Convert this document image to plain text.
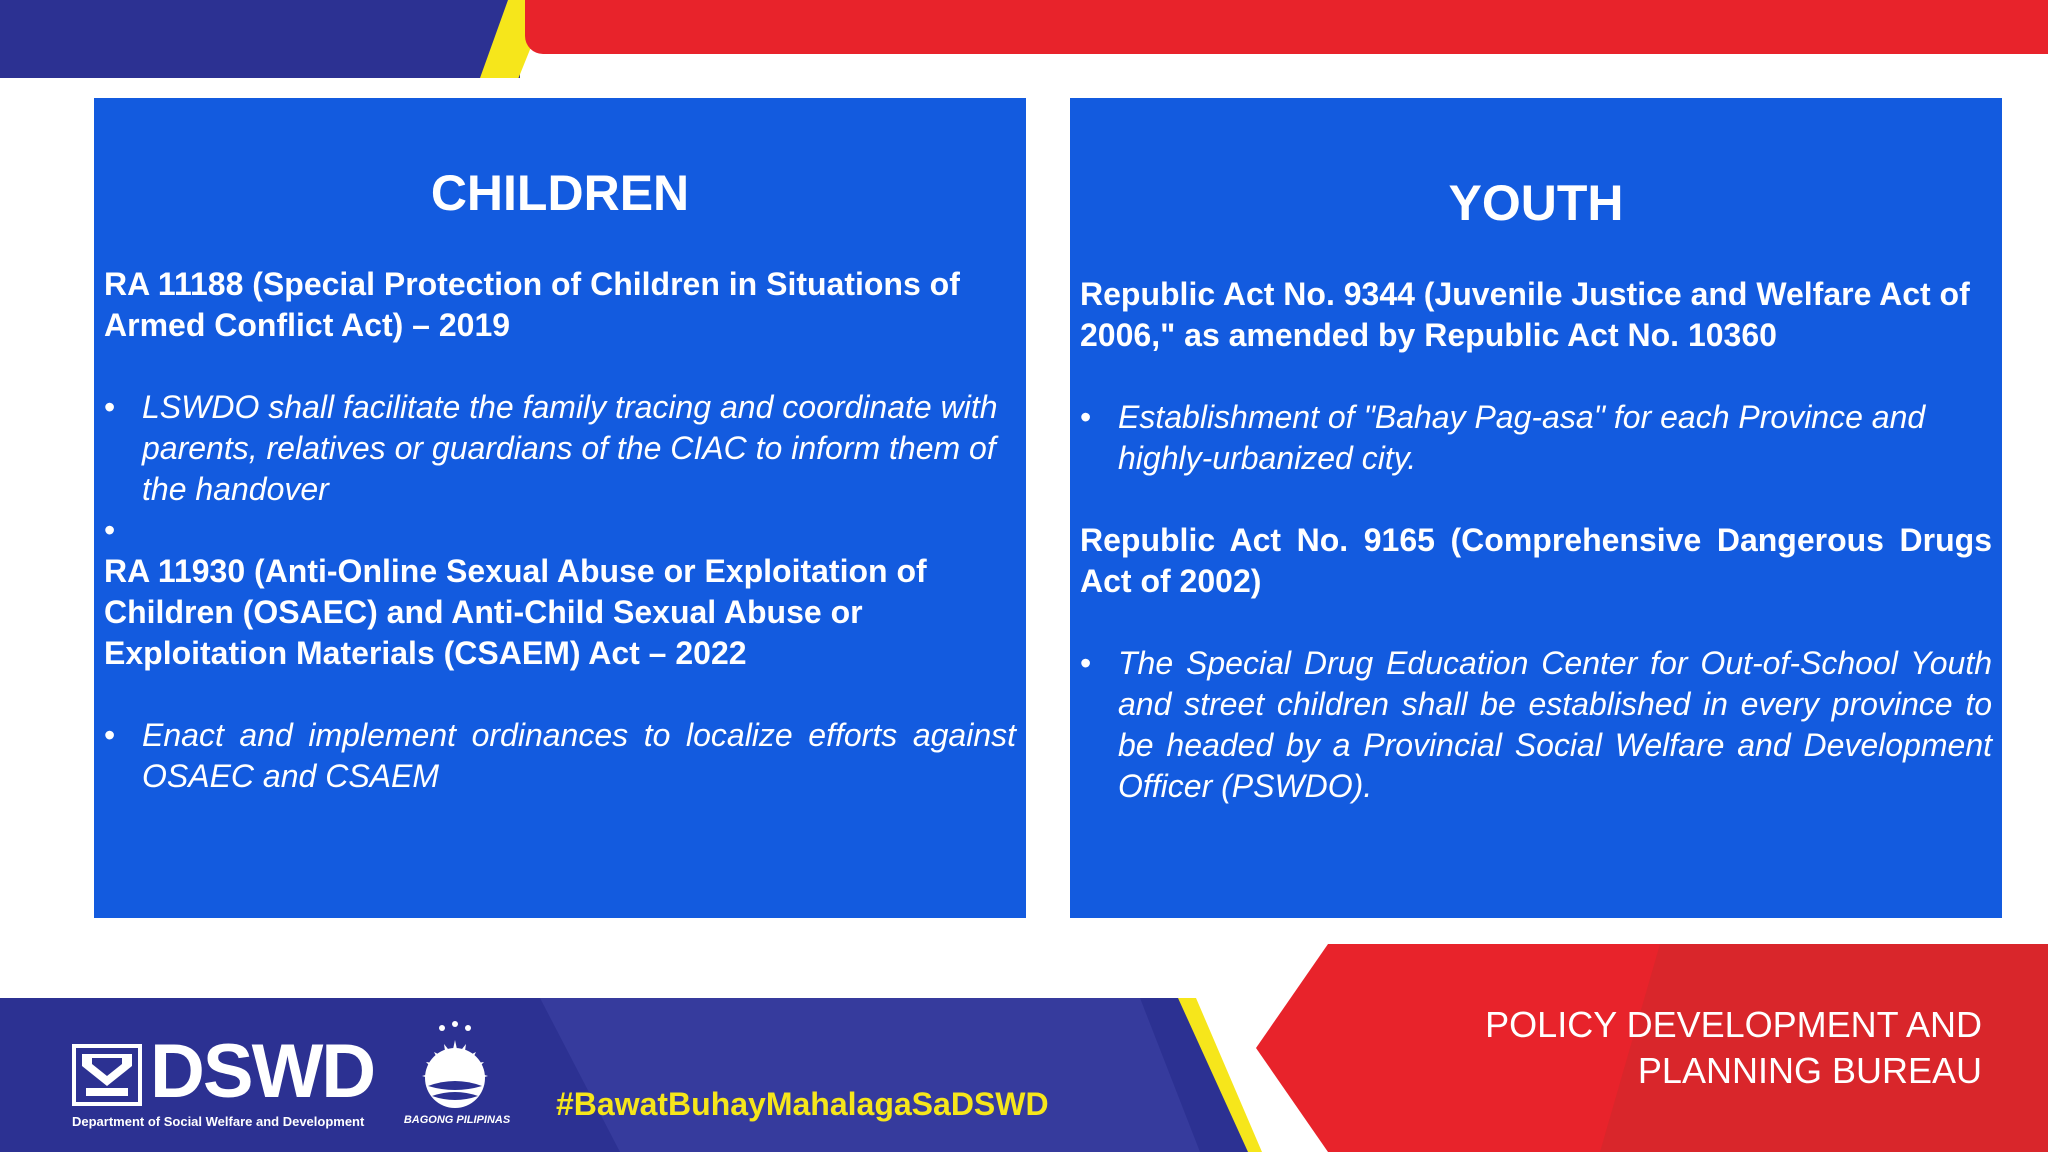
CHILDREN

RA 11188 (Special Protection of Children in Situations of Armed Conflict Act) – 2019

• LSWDO shall facilitate the family tracing and coordinate with parents, relatives or guardians of the CIAC to inform them of the handover
•

RA 11930 (Anti-Online Sexual Abuse or Exploitation of Children (OSAEC) and Anti-Child Sexual Abuse or Exploitation Materials (CSAEM) Act – 2022

• Enact and implement ordinances to localize efforts against OSAEC and CSAEM
YOUTH

Republic Act No. 9344 (Juvenile Justice and Welfare Act of 2006," as amended by Republic Act No. 10360

• Establishment of "Bahay Pag-asa" for each Province and highly-urbanized city.

Republic Act No. 9165 (Comprehensive Dangerous Drugs Act of 2002)

• The Special Drug Education Center for Out-of-School Youth and street children shall be established in every province to be headed by a Provincial Social Welfare and Development Officer (PSWDO).
POLICY DEVELOPMENT AND
PLANNING BUREAU
DSWD
Department of Social Welfare and Development	BAGONG PILIPINAS	#BawatBuhayMahalagaSaDSWD
